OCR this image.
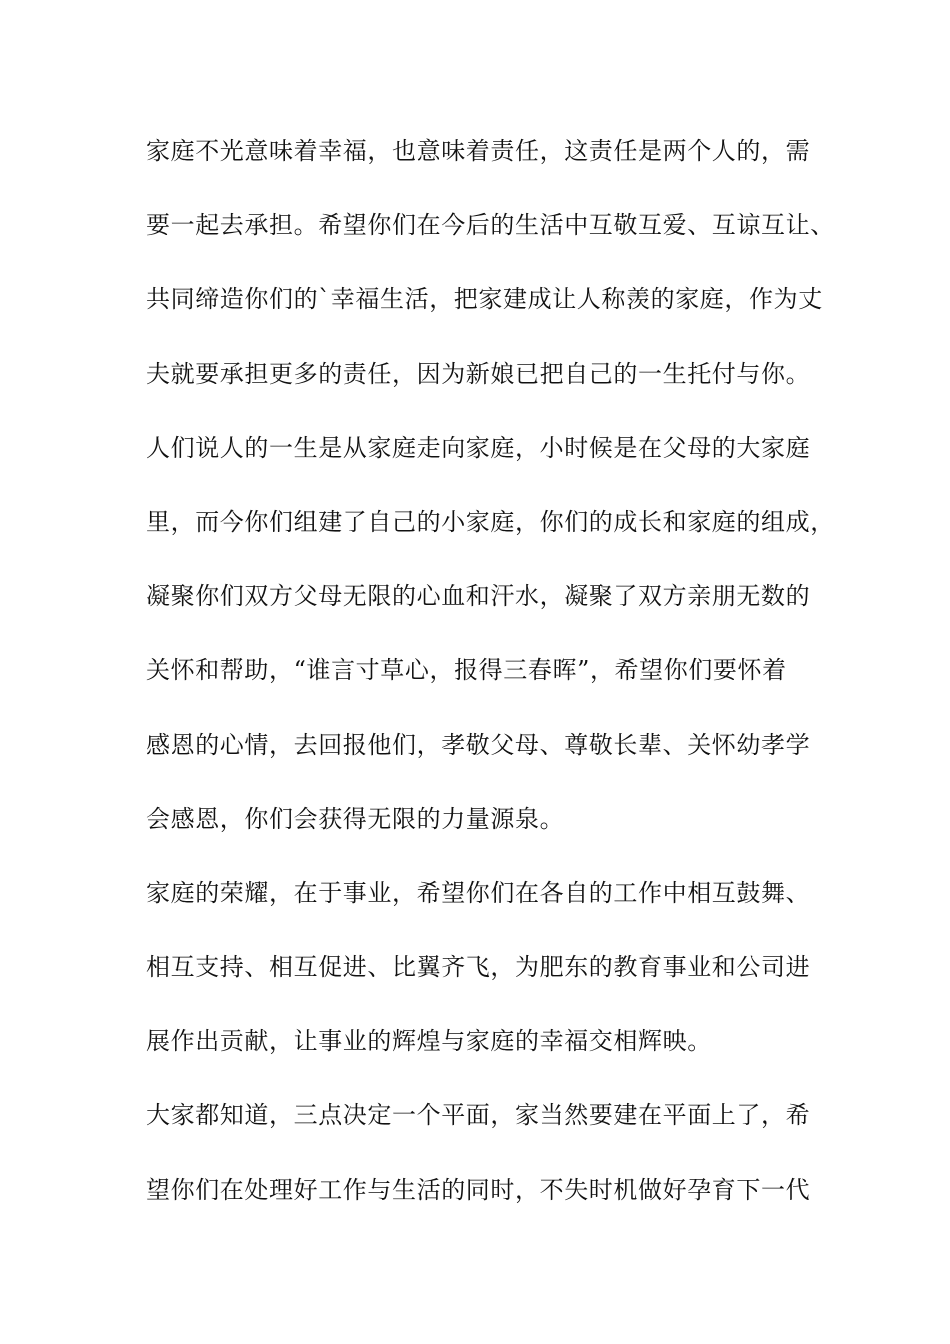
家庭不光意味着幸福，也意味着责任，这责任是两个人的，需
要一起去承担。希望你们在今后的生活中互敬互爱、互谅互让、
共同缔造你们的`幸福生活，把家建成让人称羡的家庭，作为丈
夫就要承担更多的责任，因为新娘已把自己的一生托付与你。
人们说人的一生是从家庭走向家庭，小时候是在父母的大家庭
里，而今你们组建了自己的小家庭，你们的成长和家庭的组成，
凝聚你们双方父母无限的心血和汗水，凝聚了双方亲朋无数的
关怀和帮助，“谁言寸草心，报得三春晖”，希望你们要怀着
感恩的心情，去回报他们，孝敬父母、尊敬长辈、关怀幼孝学
会感恩，你们会获得无限的力量源泉。
家庭的荣耀，在于事业，希望你们在各自的工作中相互鼓舞、
相互支持、相互促进、比翼齐飞，为肥东的教育事业和公司进
展作出贡献，让事业的辉煌与家庭的幸福交相辉映。
大家都知道，三点决定一个平面，家当然要建在平面上了，希
望你们在处理好工作与生活的同时，不失时机做好孕育下一代
